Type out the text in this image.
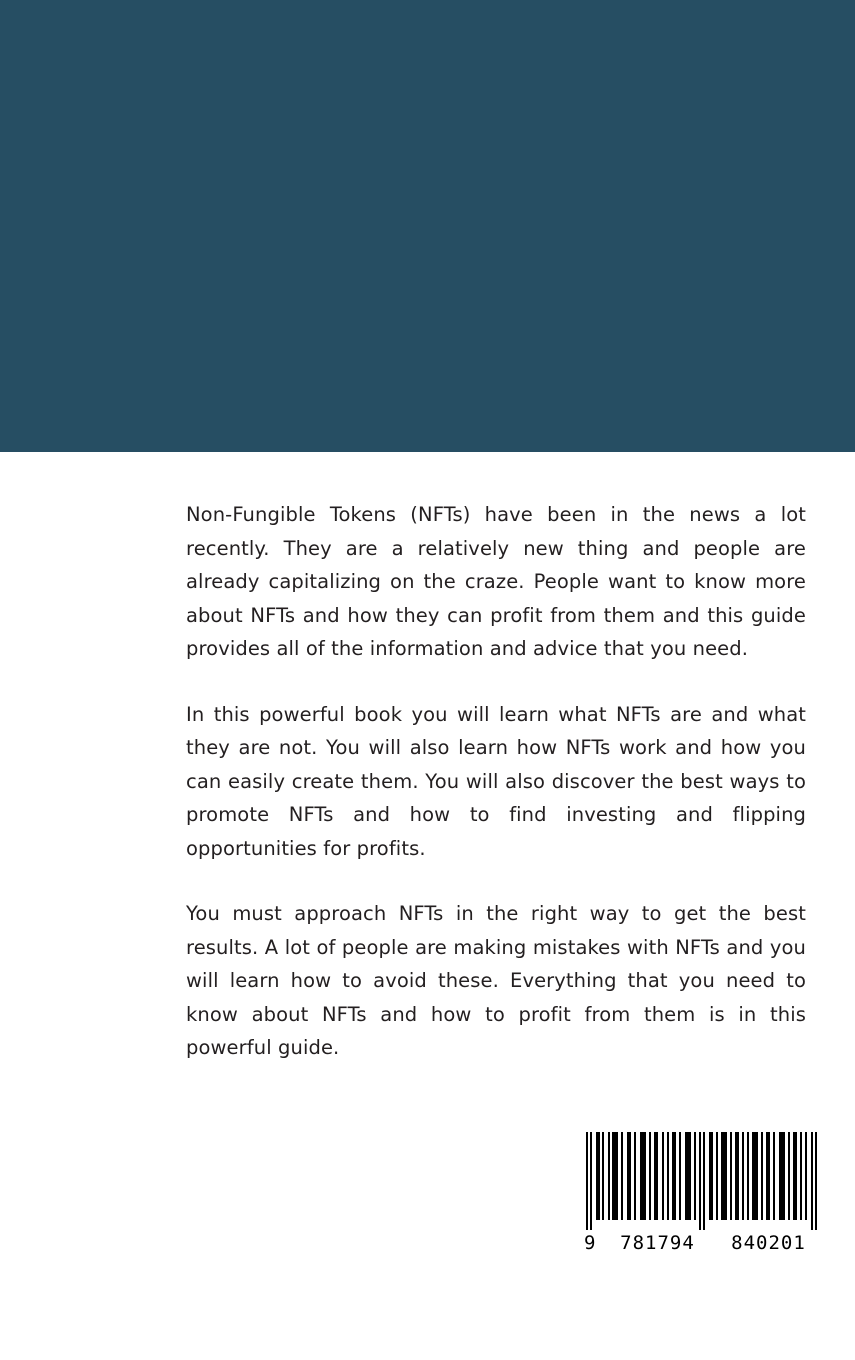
Non-Fungible Tokens (NFTs) have been in the news a lot recently. They are a relatively new thing and people are already capitalizing on the craze. People want to know more about NFTs and how they can profit from them and this guide provides all of the information and advice that you need.

In this powerful book you will learn what NFTs are and what they are not. You will also learn how NFTs work and how you can easily create them. You will also discover the best ways to promote NFTs and how to find investing and flipping opportunities for profits.

You must approach NFTs in the right way to get the best results. A lot of people are making mistakes with NFTs and you will learn how to avoid these. Everything that you need to know about NFTs and how to profit from them is in this powerful guide.

9	781794	840201
